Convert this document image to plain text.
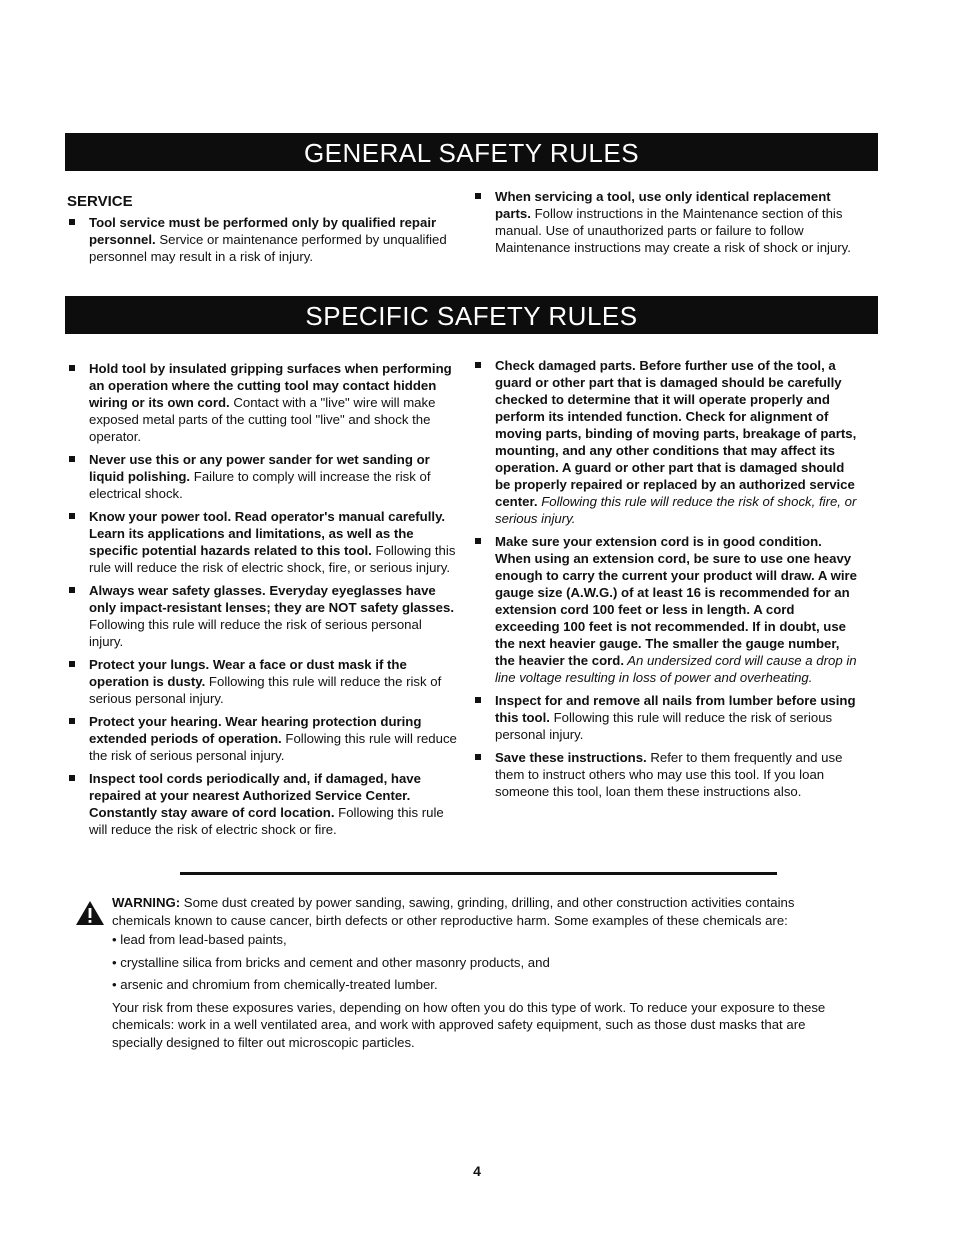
GENERAL SAFETY RULES
SERVICE
Tool service must be performed only by qualified repair personnel. Service or maintenance performed by unqualified personnel may result in a risk of injury.
When servicing a tool, use only identical replacement parts. Follow instructions in the Maintenance section of this manual. Use of unauthorized parts or failure to follow Maintenance instructions may create a risk of shock or injury.
SPECIFIC SAFETY RULES
Hold tool by insulated gripping surfaces when performing an operation where the cutting tool may contact hidden wiring or its own cord. Contact with a "live" wire will make exposed metal parts of the cutting tool "live" and shock the operator.
Never use this or any power sander for wet sanding or liquid polishing. Failure to comply will increase the risk of electrical shock.
Know your power tool. Read operator's manual carefully. Learn its applications and limitations, as well as the specific potential hazards related to this tool. Following this rule will reduce the risk of electric shock, fire, or serious injury.
Always wear safety glasses. Everyday eyeglasses have only impact-resistant lenses; they are NOT safety glasses. Following this rule will reduce the risk of serious personal injury.
Protect your lungs. Wear a face or dust mask if the operation is dusty. Following this rule will reduce the risk of serious personal injury.
Protect your hearing. Wear hearing protection during extended periods of operation. Following this rule will reduce the risk of serious personal injury.
Inspect tool cords periodically and, if damaged, have repaired at your nearest Authorized Service Center. Constantly stay aware of cord location. Following this rule will reduce the risk of electric shock or fire.
Check damaged parts. Before further use of the tool, a guard or other part that is damaged should be carefully checked to determine that it will operate properly and perform its intended function. Check for alignment of moving parts, binding of moving parts, breakage of parts, mounting, and any other conditions that may affect its operation. A guard or other part that is damaged should be properly repaired or replaced by an authorized service center. Following this rule will reduce the risk of shock, fire, or serious injury.
Make sure your extension cord is in good condition. When using an extension cord, be sure to use one heavy enough to carry the current your product will draw. A wire gauge size (A.W.G.) of at least 16 is recommended for an extension cord 100 feet or less in length. A cord exceeding 100 feet is not recommended. If in doubt, use the next heavier gauge. The smaller the gauge number, the heavier the cord. An undersized cord will cause a drop in line voltage resulting in loss of power and overheating.
Inspect for and remove all nails from lumber before using this tool. Following this rule will reduce the risk of serious personal injury.
Save these instructions. Refer to them frequently and use them to instruct others who may use this tool. If you loan someone this tool, loan them these instructions also.
WARNING: Some dust created by power sanding, sawing, grinding, drilling, and other construction activities contains chemicals known to cause cancer, birth defects or other reproductive harm. Some examples of these chemicals are:
• lead from lead-based paints,
• crystalline silica from bricks and cement and other masonry products, and
• arsenic and chromium from chemically-treated lumber.
Your risk from these exposures varies, depending on how often you do this type of work. To reduce your exposure to these chemicals: work in a well ventilated area, and work with approved safety equipment, such as those dust masks that are specially designed to filter out microscopic particles.
4
